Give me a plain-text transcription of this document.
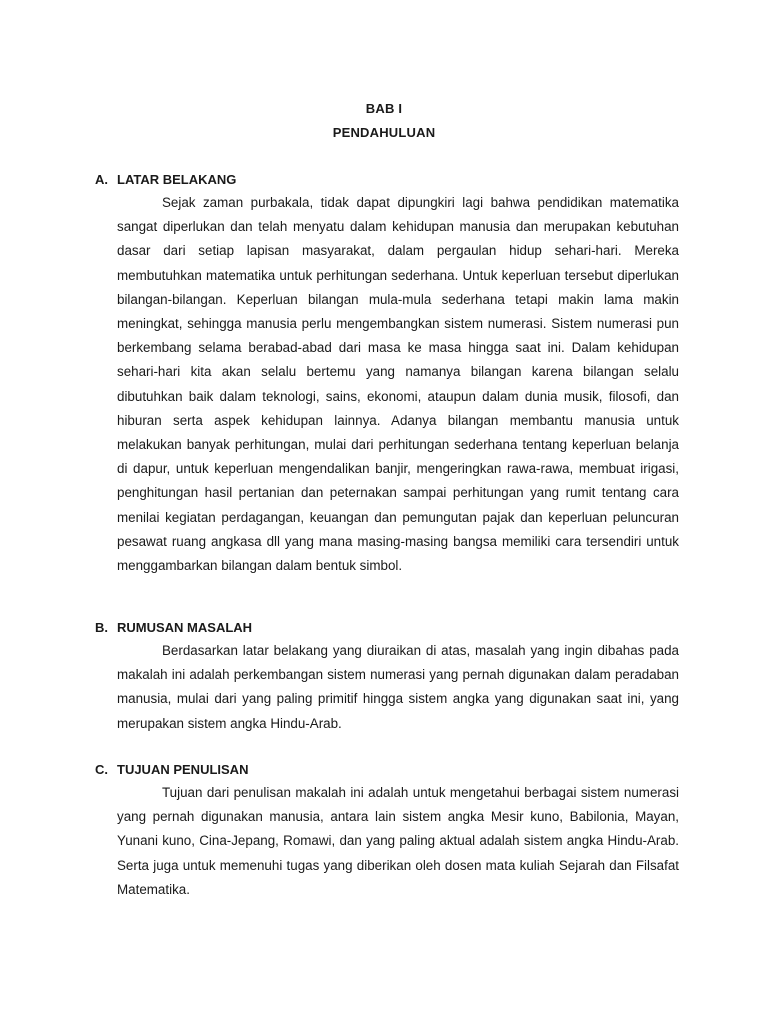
BAB I
PENDAHULUAN
A. LATAR BELAKANG

Sejak zaman purbakala, tidak dapat dipungkiri lagi bahwa pendidikan matematika sangat diperlukan dan telah menyatu dalam kehidupan manusia dan merupakan kebutuhan dasar dari setiap lapisan masyarakat, dalam pergaulan hidup sehari-hari. Mereka membutuhkan matematika untuk perhitungan sederhana. Untuk keperluan tersebut diperlukan bilangan-bilangan. Keperluan bilangan mula-mula sederhana tetapi makin lama makin meningkat, sehingga manusia perlu mengembangkan sistem numerasi. Sistem numerasi pun berkembang selama berabad-abad dari masa ke masa hingga saat ini. Dalam kehidupan sehari-hari kita akan selalu bertemu yang namanya bilangan karena bilangan selalu dibutuhkan baik dalam teknologi, sains, ekonomi, ataupun dalam dunia musik, filosofi, dan hiburan serta aspek kehidupan lainnya. Adanya bilangan membantu manusia untuk melakukan banyak perhitungan, mulai dari perhitungan sederhana tentang keperluan belanja di dapur, untuk keperluan mengendalikan banjir, mengeringkan rawa-rawa, membuat irigasi, penghitungan hasil pertanian dan peternakan sampai perhitungan yang rumit tentang cara menilai kegiatan perdagangan, keuangan dan pemungutan pajak dan keperluan peluncuran pesawat ruang angkasa dll yang mana masing-masing bangsa memiliki cara tersendiri untuk menggambarkan bilangan dalam bentuk simbol.

B. RUMUSAN MASALAH

Berdasarkan latar belakang yang diuraikan di atas, masalah yang ingin dibahas pada makalah ini adalah perkembangan sistem numerasi yang pernah digunakan dalam peradaban manusia, mulai dari yang paling primitif hingga sistem angka yang digunakan saat ini, yang merupakan sistem angka Hindu-Arab.

C. TUJUAN PENULISAN

Tujuan dari penulisan makalah ini adalah untuk mengetahui berbagai sistem numerasi yang pernah digunakan manusia, antara lain sistem angka Mesir kuno, Babilonia, Mayan, Yunani kuno, Cina-Jepang, Romawi, dan yang paling aktual adalah sistem angka Hindu-Arab. Serta juga untuk memenuhi tugas yang diberikan oleh dosen mata kuliah Sejarah dan Filsafat Matematika.
